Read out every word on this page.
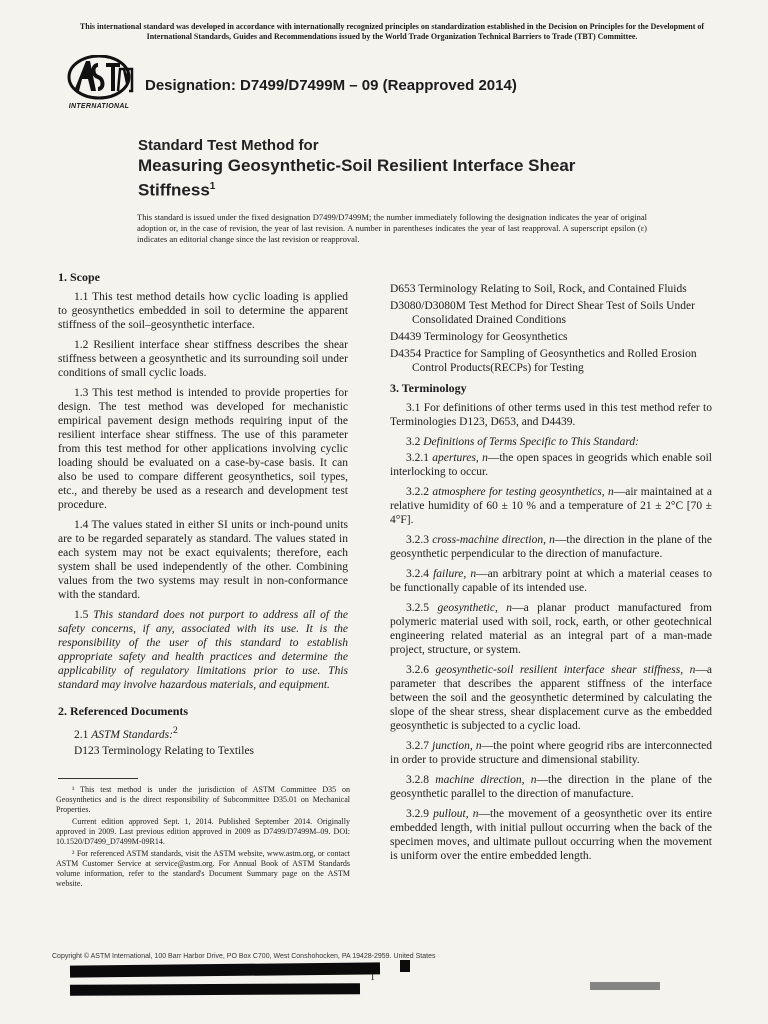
This international standard was developed in accordance with internationally recognized principles on standardization established in the Decision on Principles for the Development of International Standards, Guides and Recommendations issued by the World Trade Organization Technical Barriers to Trade (TBT) Committee.
INTERNATIONAL
Designation: D7499/D7499M – 09 (Reapproved 2014)
Standard Test Method for
Measuring Geosynthetic-Soil Resilient Interface Shear Stiffness$^1$
This standard is issued under the fixed designation D7499/D7499M; the number immediately following the designation indicates the year of original adoption or, in the case of revision, the year of last revision. A number in parentheses indicates the year of last reapproval. A superscript epsilon (ε) indicates an editorial change since the last revision or reapproval.
1. Scope

1.1 This test method details how cyclic loading is applied to geosynthetics embedded in soil to determine the apparent stiffness of the soil–geosynthetic interface.

1.2 Resilient interface shear stiffness describes the shear stiffness between a geosynthetic and its surrounding soil under conditions of small cyclic loads.

1.3 This test method is intended to provide properties for design. The test method was developed for mechanistic empirical pavement design methods requiring input of the resilient interface shear stiffness. The use of this parameter from this test method for other applications involving cyclic loading should be evaluated on a case-by-case basis. It can also be used to compare different geosynthetics, soil types, etc., and thereby be used as a research and development test procedure.

1.4 The values stated in either SI units or inch-pound units are to be regarded separately as standard. The values stated in each system may not be exact equivalents; therefore, each system shall be used independently of the other. Combining values from the two systems may result in non-conformance with the standard.

1.5 This standard does not purport to address all of the safety concerns, if any, associated with its use. It is the responsibility of the user of this standard to establish appropriate safety and health practices and determine the applicability of regulatory limitations prior to use. This standard may involve hazardous materials, and equipment.

2. Referenced Documents

2.1 ASTM Standards:$^2$

D123 Terminology Relating to Textiles

¹ This test method is under the jurisdiction of ASTM Committee D35 on Geosynthetics and is the direct responsibility of Subcommittee D35.01 on Mechanical Properties.

Current edition approved Sept. 1, 2014. Published September 2014. Originally approved in 2009. Last previous edition approved in 2009 as D7499/D7499M–09. DOI: 10.1520/D7499_D7499M-09R14.

² For referenced ASTM standards, visit the ASTM website, www.astm.org, or contact ASTM Customer Service at service@astm.org. For Annual Book of ASTM Standards volume information, refer to the standard's Document Summary page on the ASTM website.

D653 Terminology Relating to Soil, Rock, and Contained Fluids

D3080/D3080M Test Method for Direct Shear Test of Soils Under Consolidated Drained Conditions

D4439 Terminology for Geosynthetics

D4354 Practice for Sampling of Geosynthetics and Rolled Erosion Control Products(RECPs) for Testing

3. Terminology

3.1 For definitions of other terms used in this test method refer to Terminologies D123, D653, and D4439.

3.2 Definitions of Terms Specific to This Standard:

3.2.1 apertures, n—the open spaces in geogrids which enable soil interlocking to occur.

3.2.2 atmosphere for testing geosynthetics, n—air maintained at a relative humidity of 60 ± 10 % and a temperature of 21 ± 2°C [70 ± 4°F].

3.2.3 cross-machine direction, n—the direction in the plane of the geosynthetic perpendicular to the direction of manufacture.

3.2.4 failure, n—an arbitrary point at which a material ceases to be functionally capable of its intended use.

3.2.5 geosynthetic, n—a planar product manufactured from polymeric material used with soil, rock, earth, or other geotechnical engineering related material as an integral part of a man-made project, structure, or system.

3.2.6 geosynthetic-soil resilient interface shear stiffness, n—a parameter that describes the apparent stiffness of the interface between the soil and the geosynthetic determined by calculating the slope of the shear stress, shear displacement curve as the embedded geosynthetic is subjected to a cyclic load.

3.2.7 junction, n—the point where geogrid ribs are interconnected in order to provide structure and dimensional stability.

3.2.8 machine direction, n—the direction in the plane of the geosynthetic parallel to the direction of manufacture.

3.2.9 pullout, n—the movement of a geosynthetic over its entire embedded length, with initial pullout occurring when the back of the specimen moves, and ultimate pullout occurring when the movement is uniform over the entire embedded length.

Copyright © ASTM International, 100 Barr Harbor Drive, PO Box C700, West Conshohocken, PA 19428-2959. United States
1
